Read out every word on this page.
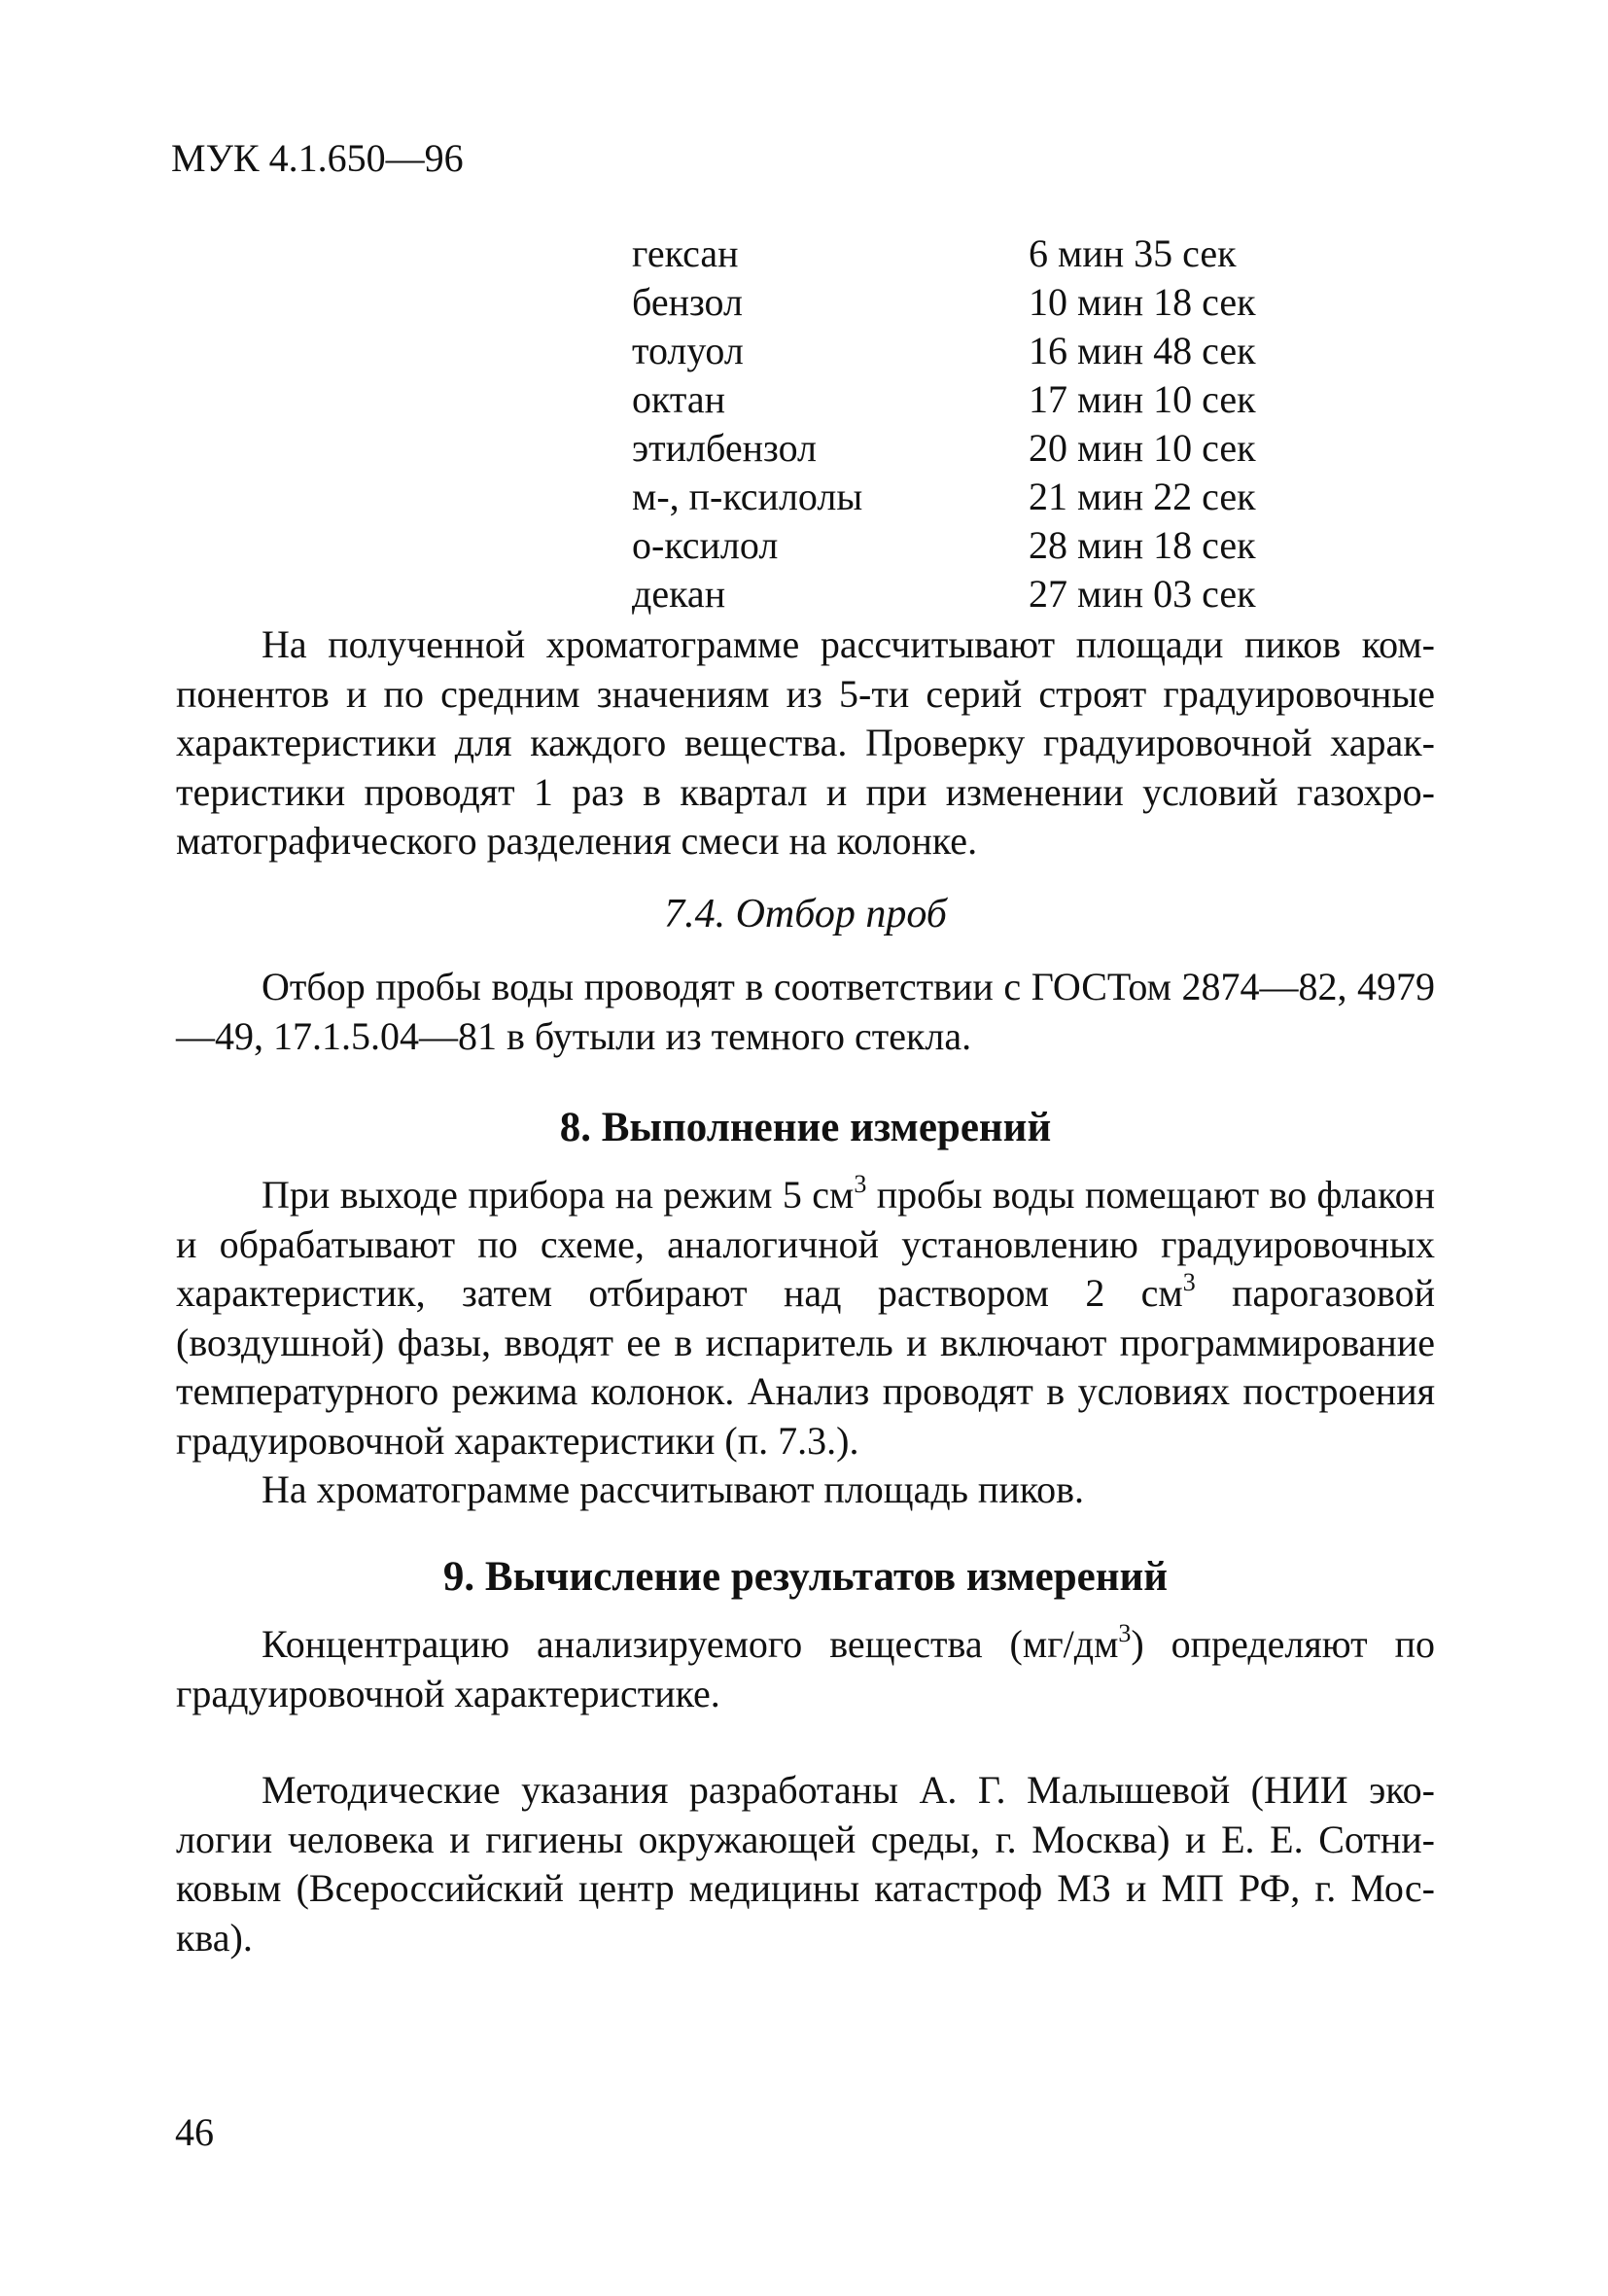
МУК 4.1.650—96
гексан	6 мин 35 сек
бензол	10 мин 18 сек
толуол	16 мин 48 сек
октан	17 мин 10 сек
этилбензол	20 мин 10 сек
м-, п-ксилолы	21 мин 22 сек
о-ксилол	28 мин 18 сек
декан	27 мин 03 сек

На полученной хроматограмме рассчитывают площади пиков компонентов и по средним значениям из 5-ти серий строят градуировочные характеристики для каждого вещества. Проверку градуировочной характеристики проводят 1 раз в квартал и при изменении условий газохроматографического разделения смеси на колонке.

7.4. Отбор проб

Отбор пробы воды проводят в соответствии с ГОСТом 2874—82, 4979—49, 17.1.5.04—81 в бутыли из темного стекла.

8. Выполнение измерений

При выходе прибора на режим 5 $см^3$ пробы воды помещают во флакон и обрабатывают по схеме, аналогичной установлению градуировочных характеристик, затем отбирают над раствором 2 $см^3$ парогазовой (воздушной) фазы, вводят ее в испаритель и включают программирование температурного режима колонок. Анализ проводят в условиях построения градуировочной характеристики (п. 7.3.).

На хроматограмме рассчитывают площадь пиков.

9. Вычисление результатов измерений

Концентрацию анализируемого вещества $(мг/дм^3)$ определяют по градуировочной характеристике.

Методические указания разработаны А. Г. Малышевой (НИИ экологии человека и гигиены окружающей среды, г. Москва) и Е. Е. Сотниковым (Всероссийский центр медицины катастроф МЗ и МП РФ, г. Москва).

46
